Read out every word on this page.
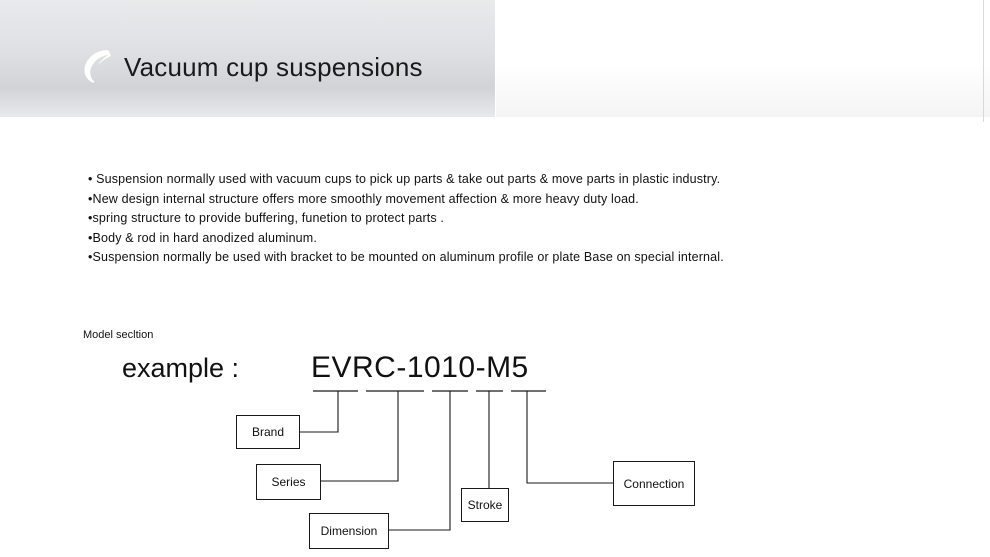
Vacuum cup suspensions
• Suspension normally used with vacuum cups to pick up parts & take out parts & move parts in plastic industry.
•New design internal structure offers more smoothly movement affection & more heavy duty load.
•spring structure to provide buffering, funetion to protect parts .
•Body & rod in hard anodized aluminum.
•Suspension normally be used with bracket to be mounted on aluminum profile or plate Base on special internal.
Model secltion
example : EVRC-1010-M5
Brand
Series
Dimension
Stroke
Connection
